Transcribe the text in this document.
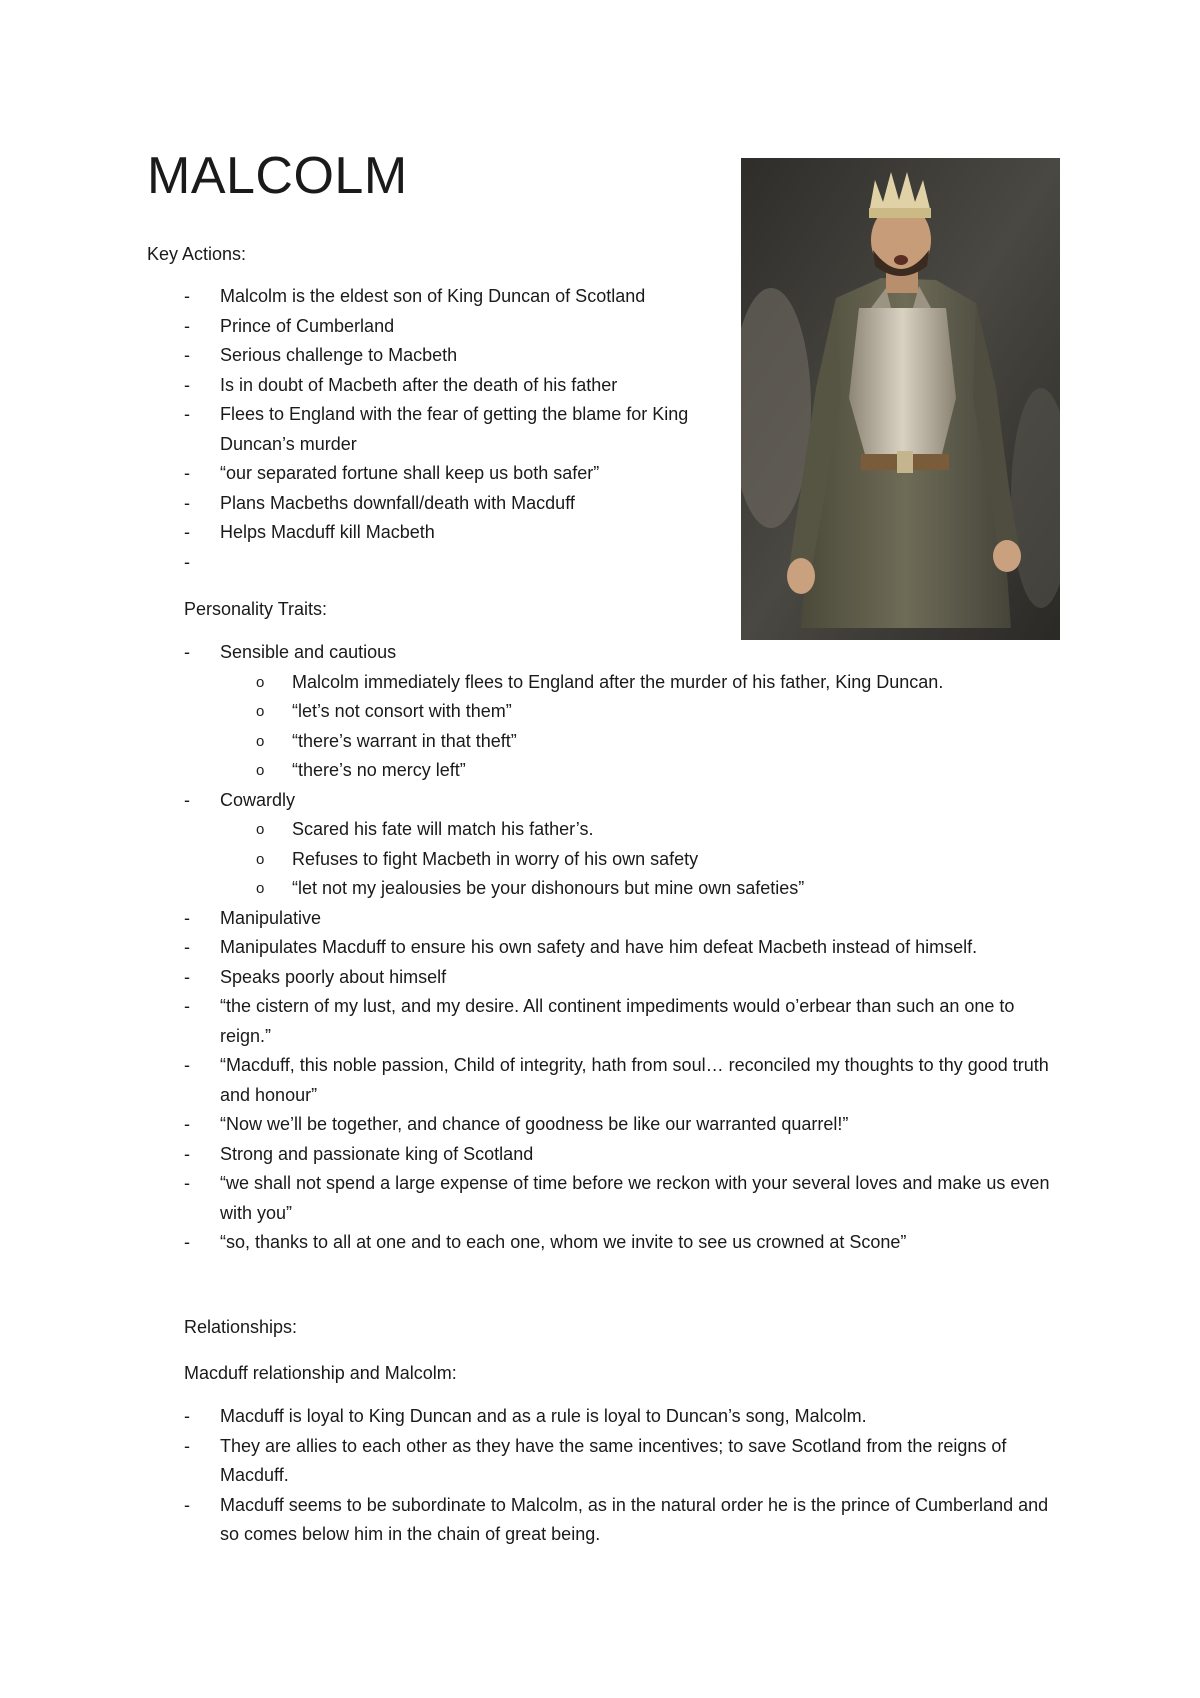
MALCOLM
Key Actions:
- Malcolm is the eldest son of King Duncan of Scotland
- Prince of Cumberland
- Serious challenge to Macbeth
- Is in doubt of Macbeth after the death of his father
- Flees to England with the fear of getting the blame for King Duncan’s murder
- “our separated fortune shall keep us both safer”
- Plans Macbeths downfall/death with Macduff
- Helps Macduff kill Macbeth
-

Personality Traits:
- Sensible and cautious
o Malcolm immediately flees to England after the murder of his father, King Duncan.
o “let’s not consort with them”
o “there’s warrant in that theft”
o “there’s no mercy left”
- Cowardly
o Scared his fate will match his father’s.
o Refuses to fight Macbeth in worry of his own safety
o “let not my jealousies be your dishonours but mine own safeties”
- Manipulative
- Manipulates Macduff to ensure his own safety and have him defeat Macbeth instead of himself.
- Speaks poorly about himself
- “the cistern of my lust, and my desire. All continent impediments would o’erbear than such an one to reign.”
- “Macduff, this noble passion, Child of integrity, hath from soul… reconciled my thoughts to thy good truth and honour”
- “Now we’ll be together, and chance of goodness be like our warranted quarrel!”
- Strong and passionate king of Scotland
- “we shall not spend a large expense of time before we reckon with your several loves and make us even with you”
- “so, thanks to all at one and to each one, whom we invite to see us crowned at Scone”
Relationships:
Macduff relationship and Malcolm:
- Macduff is loyal to King Duncan and as a rule is loyal to Duncan’s song, Malcolm.
- They are allies to each other as they have the same incentives; to save Scotland from the reigns of Macduff.
- Macduff seems to be subordinate to Malcolm, as in the natural order he is the prince of Cumberland and so comes below him in the chain of great being.
